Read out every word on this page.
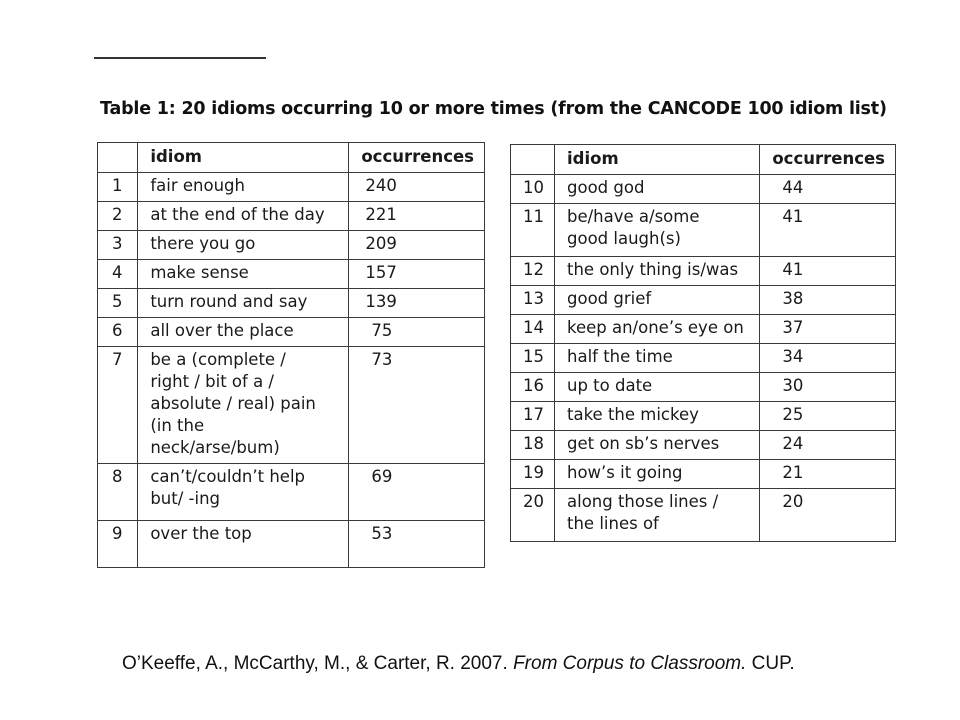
Table 1: 20 idioms occurring 10 or more times (from the CANCODE 100 idiom list)
	idiom	occurrences
1	fair enough	240
2	at the end of the day	221
3	there you go	209
4	make sense	157
5	turn round and say	139
6	all over the place	75
7	be a (complete /
right / bit of a /
absolute / real) pain
(in the neck/arse/bum)	73
8	can’t/couldn’t help
but/ -ing	69
9	over the top	53
	idiom	occurrences
10	good god	44
11	be/have a/some
good laugh(s)	41
12	the only thing is/was	41
13	good grief	38
14	keep an/one’s eye on	37
15	half the time	34
16	up to date	30
17	take the mickey	25
18	get on sb’s nerves	24
19	how’s it going	21
20	along those lines /
the lines of	20
O’Keeffe, A., McCarthy, M., & Carter, R. 2007. From Corpus to Classroom. CUP.
